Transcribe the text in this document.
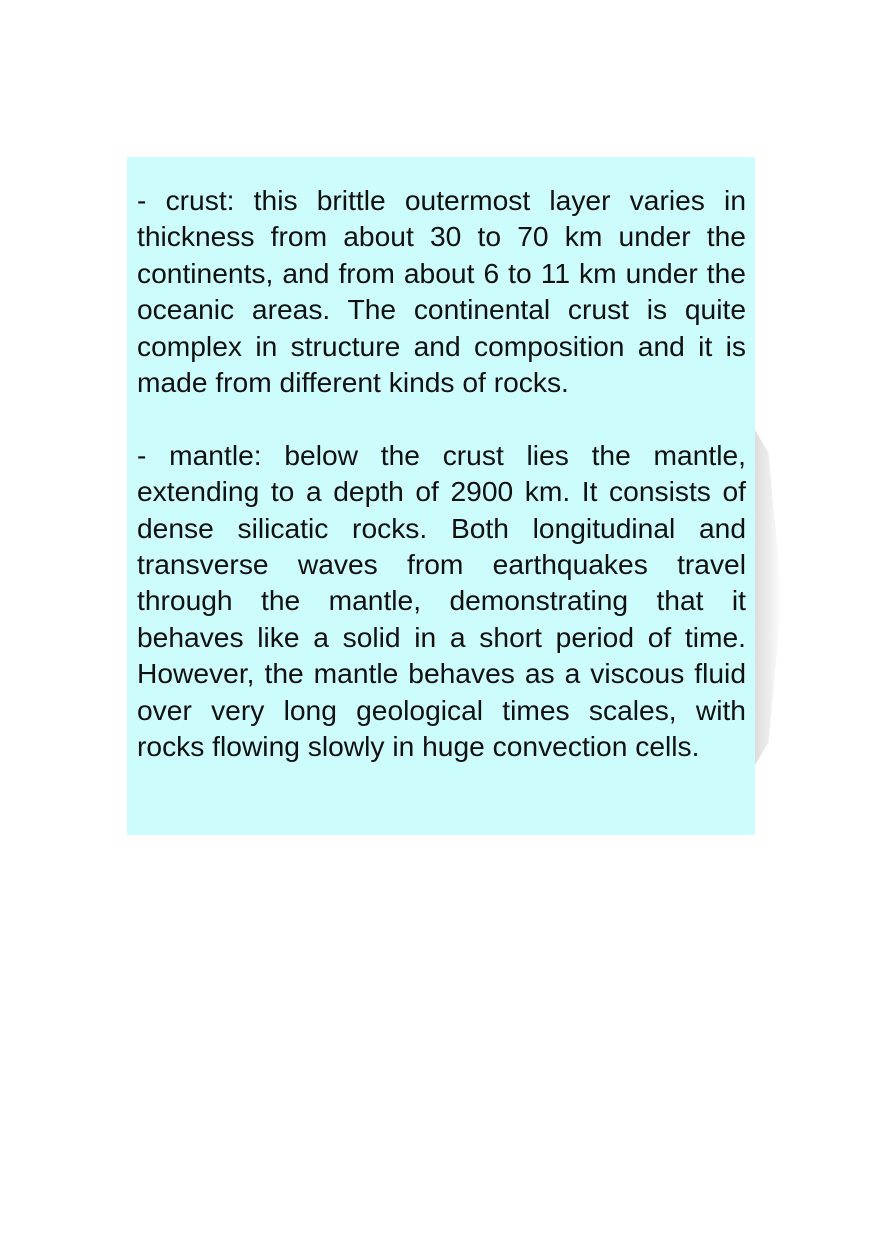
- crust: this brittle outermost layer varies in thickness from about 30 to 70 km under the continents, and from about 6 to 11 km under the oceanic areas. The continental crust is quite complex in structure and composition and it is made from different kinds of rocks.

- mantle: below the crust lies the mantle, extending to a depth of 2900 km. It consists of dense silicatic rocks. Both longitudinal and transverse waves from earthquakes travel through the mantle, demonstrating that it behaves like a solid in a short period of time. However, the mantle behaves as a viscous fluid over very long geological times scales, with rocks flowing slowly in huge convection cells.
